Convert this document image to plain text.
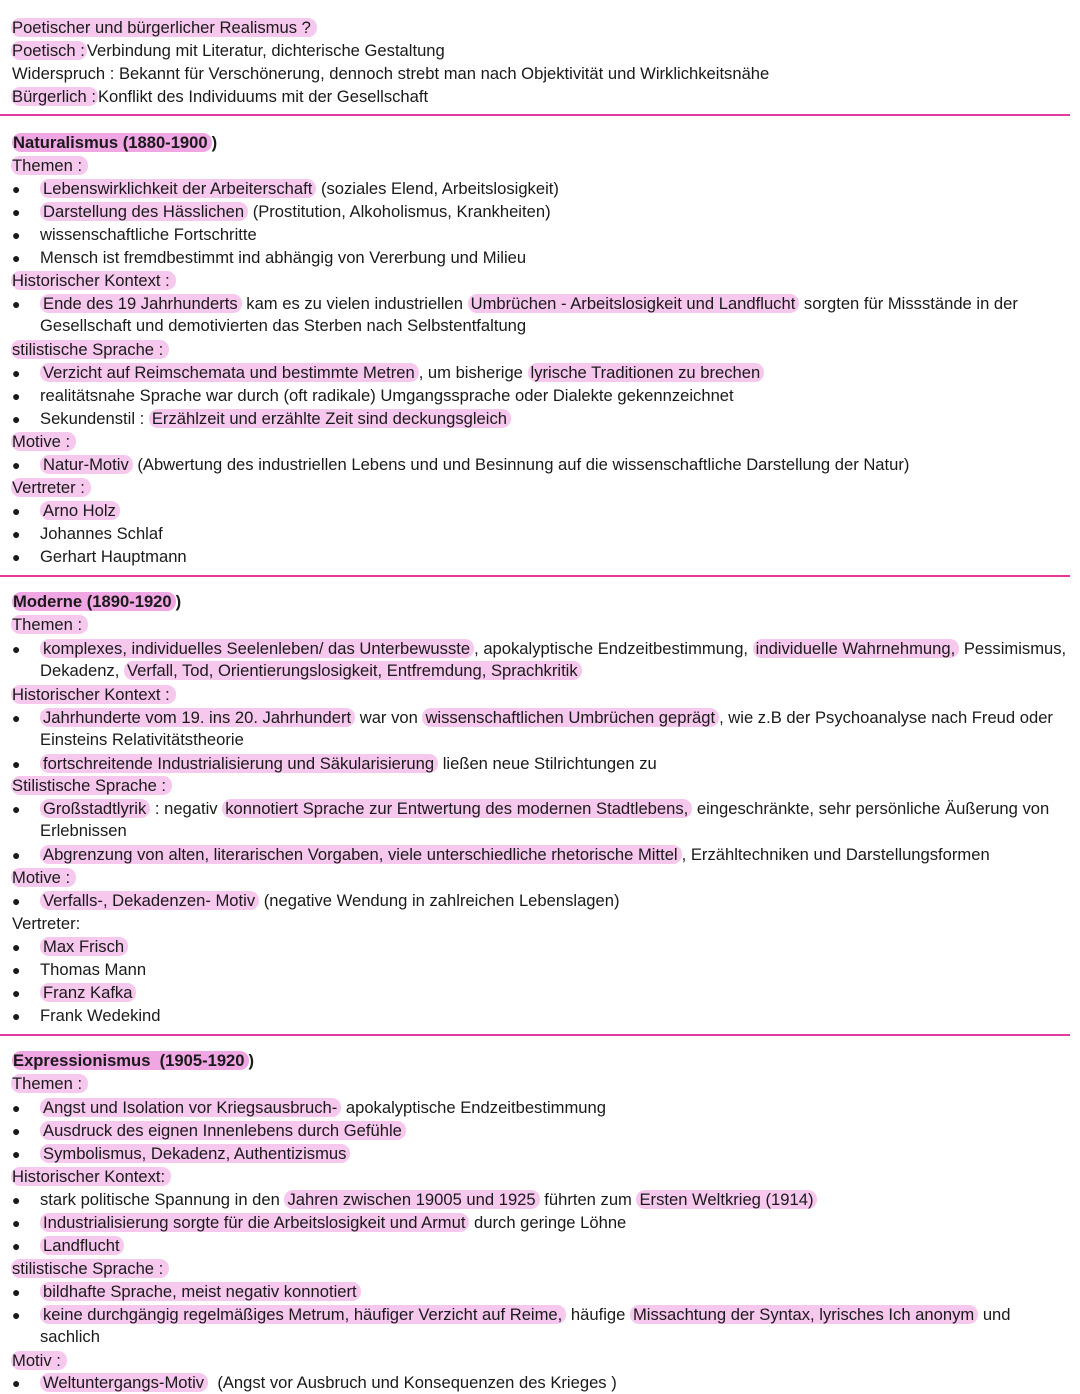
Poetischer und bürgerlicher Realismus ?
Poetisch : Verbindung mit Literatur, dichterische Gestaltung
Widerspruch : Bekannt für Verschönerung, dennoch strebt man nach Objektivität und Wirklichkeitsnähe
Bürgerlich : Konflikt des Individuums mit der Gesellschaft
Naturalismus (1880-1900 )
Themen :
●	Lebenswirklichkeit der Arbeiterschaft (soziales Elend, Arbeitslosigkeit)
●	Darstellung des Hässlichen (Prostitution, Alkoholismus, Krankheiten)
●	wissenschaftliche Fortschritte
●	Mensch ist fremdbestimmt ind abhängig von Vererbung und Milieu
Historischer Kontext :
●	Ende des 19 Jahrhunderts kam es zu vielen industriellen Umbrüchen - Arbeitslosigkeit und Landflucht sorgten für Missstände in der Gesellschaft und demotivierten das Sterben nach Selbstentfaltung
stilistische Sprache :
●	Verzicht auf Reimschemata und bestimmte Metren , um bisherige lyrische Traditionen zu brechen
●	realitätsnahe Sprache war durch (oft radikale) Umgangssprache oder Dialekte gekennzeichnet
●	Sekundenstil : Erzählzeit und erzählte Zeit sind deckungsgleich
Motive :
●	Natur-Motiv (Abwertung des industriellen Lebens und und Besinnung auf die wissenschaftliche Darstellung der Natur)
Vertreter :
●	Arno Holz
●	Johannes Schlaf
●	Gerhart Hauptmann
Moderne (1890-1920 )
Themen :
●	komplexes, individuelles Seelenleben/ das Unterbewusste , apokalyptische Endzeitbestimmung, individuelle Wahrnehmung, Pessimismus, Dekadenz, Verfall, Tod, Orientierungslosigkeit, Entfremdung, Sprachkritik
Historischer Kontext :
●	Jahrhunderte vom 19. ins 20. Jahrhundert war von wissenschaftlichen Umbrüchen geprägt , wie z.B der Psychoanalyse nach Freud oder Einsteins Relativitätstheorie
●	fortschreitende Industrialisierung und Säkularisierung ließen neue Stilrichtungen zu
Stilistische Sprache :
●	Großstadtlyrik : negativ konnotiert Sprache zur Entwertung des modernen Stadtlebens, eingeschränkte, sehr persönliche Äußerung von Erlebnissen
●	Abgrenzung von alten, literarischen Vorgaben, viele unterschiedliche rhetorische Mittel , Erzähltechniken und Darstellungsformen
Motive :
●	Verfalls-, Dekadenzen- Motiv (negative Wendung in zahlreichen Lebenslagen)
Vertreter:
●	Max Frisch
●	Thomas Mann
●	Franz Kafka
●	Frank Wedekind
Expressionismus  (1905-1920 )
Themen :
●	Angst und Isolation vor Kriegsausbruch- apokalyptische Endzeitbestimmung
●	Ausdruck des eignen Innenlebens durch Gefühle
●	Symbolismus, Dekadenz, Authentizismus
Historischer Kontext:
●	stark politische Spannung in den Jahren zwischen 19005 und 1925 führten zum Ersten Weltkrieg (1914)
●	Industrialisierung sorgte für die Arbeitslosigkeit und Armut durch geringe Löhne
●	Landflucht
stilistische Sprache :
●	bildhafte Sprache, meist negativ konnotiert
●	keine durchgängig regelmäßiges Metrum, häufiger Verzicht auf Reime, häufige Missachtung der Syntax, lyrisches Ich anonym und sachlich
Motiv :
●	Weltuntergangs-Motiv  (Angst vor Ausbruch und Konsequenzen des Krieges )
